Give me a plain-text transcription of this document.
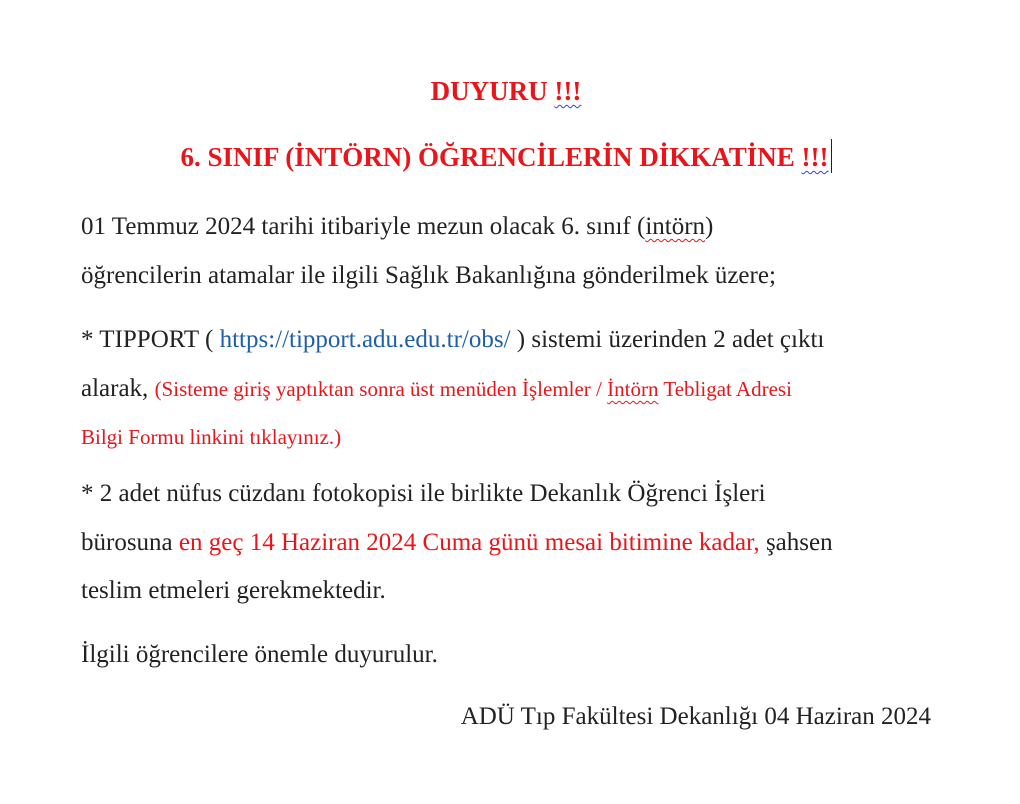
DUYURU !!!
6. SINIF (İNTÖRN) ÖĞRENCİLERİN DİKKATİNE !!!
01 Temmuz 2024 tarihi itibariyle mezun olacak 6. sınıf (intörn)
öğrencilerin atamalar ile ilgili Sağlık Bakanlığına gönderilmek üzere;
* TIPPORT ( https://tipport.adu.edu.tr/obs/ ) sistemi üzerinden 2 adet çıktı
alarak, (Sisteme giriş yaptıktan sonra üst menüden İşlemler / İntörn Tebligat Adresi
Bilgi Formu linkini tıklayınız.)
* 2 adet nüfus cüzdanı fotokopisi ile birlikte Dekanlık Öğrenci İşleri
bürosuna en geç 14 Haziran 2024 Cuma günü mesai bitimine kadar, şahsen
teslim etmeleri gerekmektedir.
İlgili öğrencilere önemle duyurulur.
ADÜ Tıp Fakültesi Dekanlığı 04 Haziran 2024
